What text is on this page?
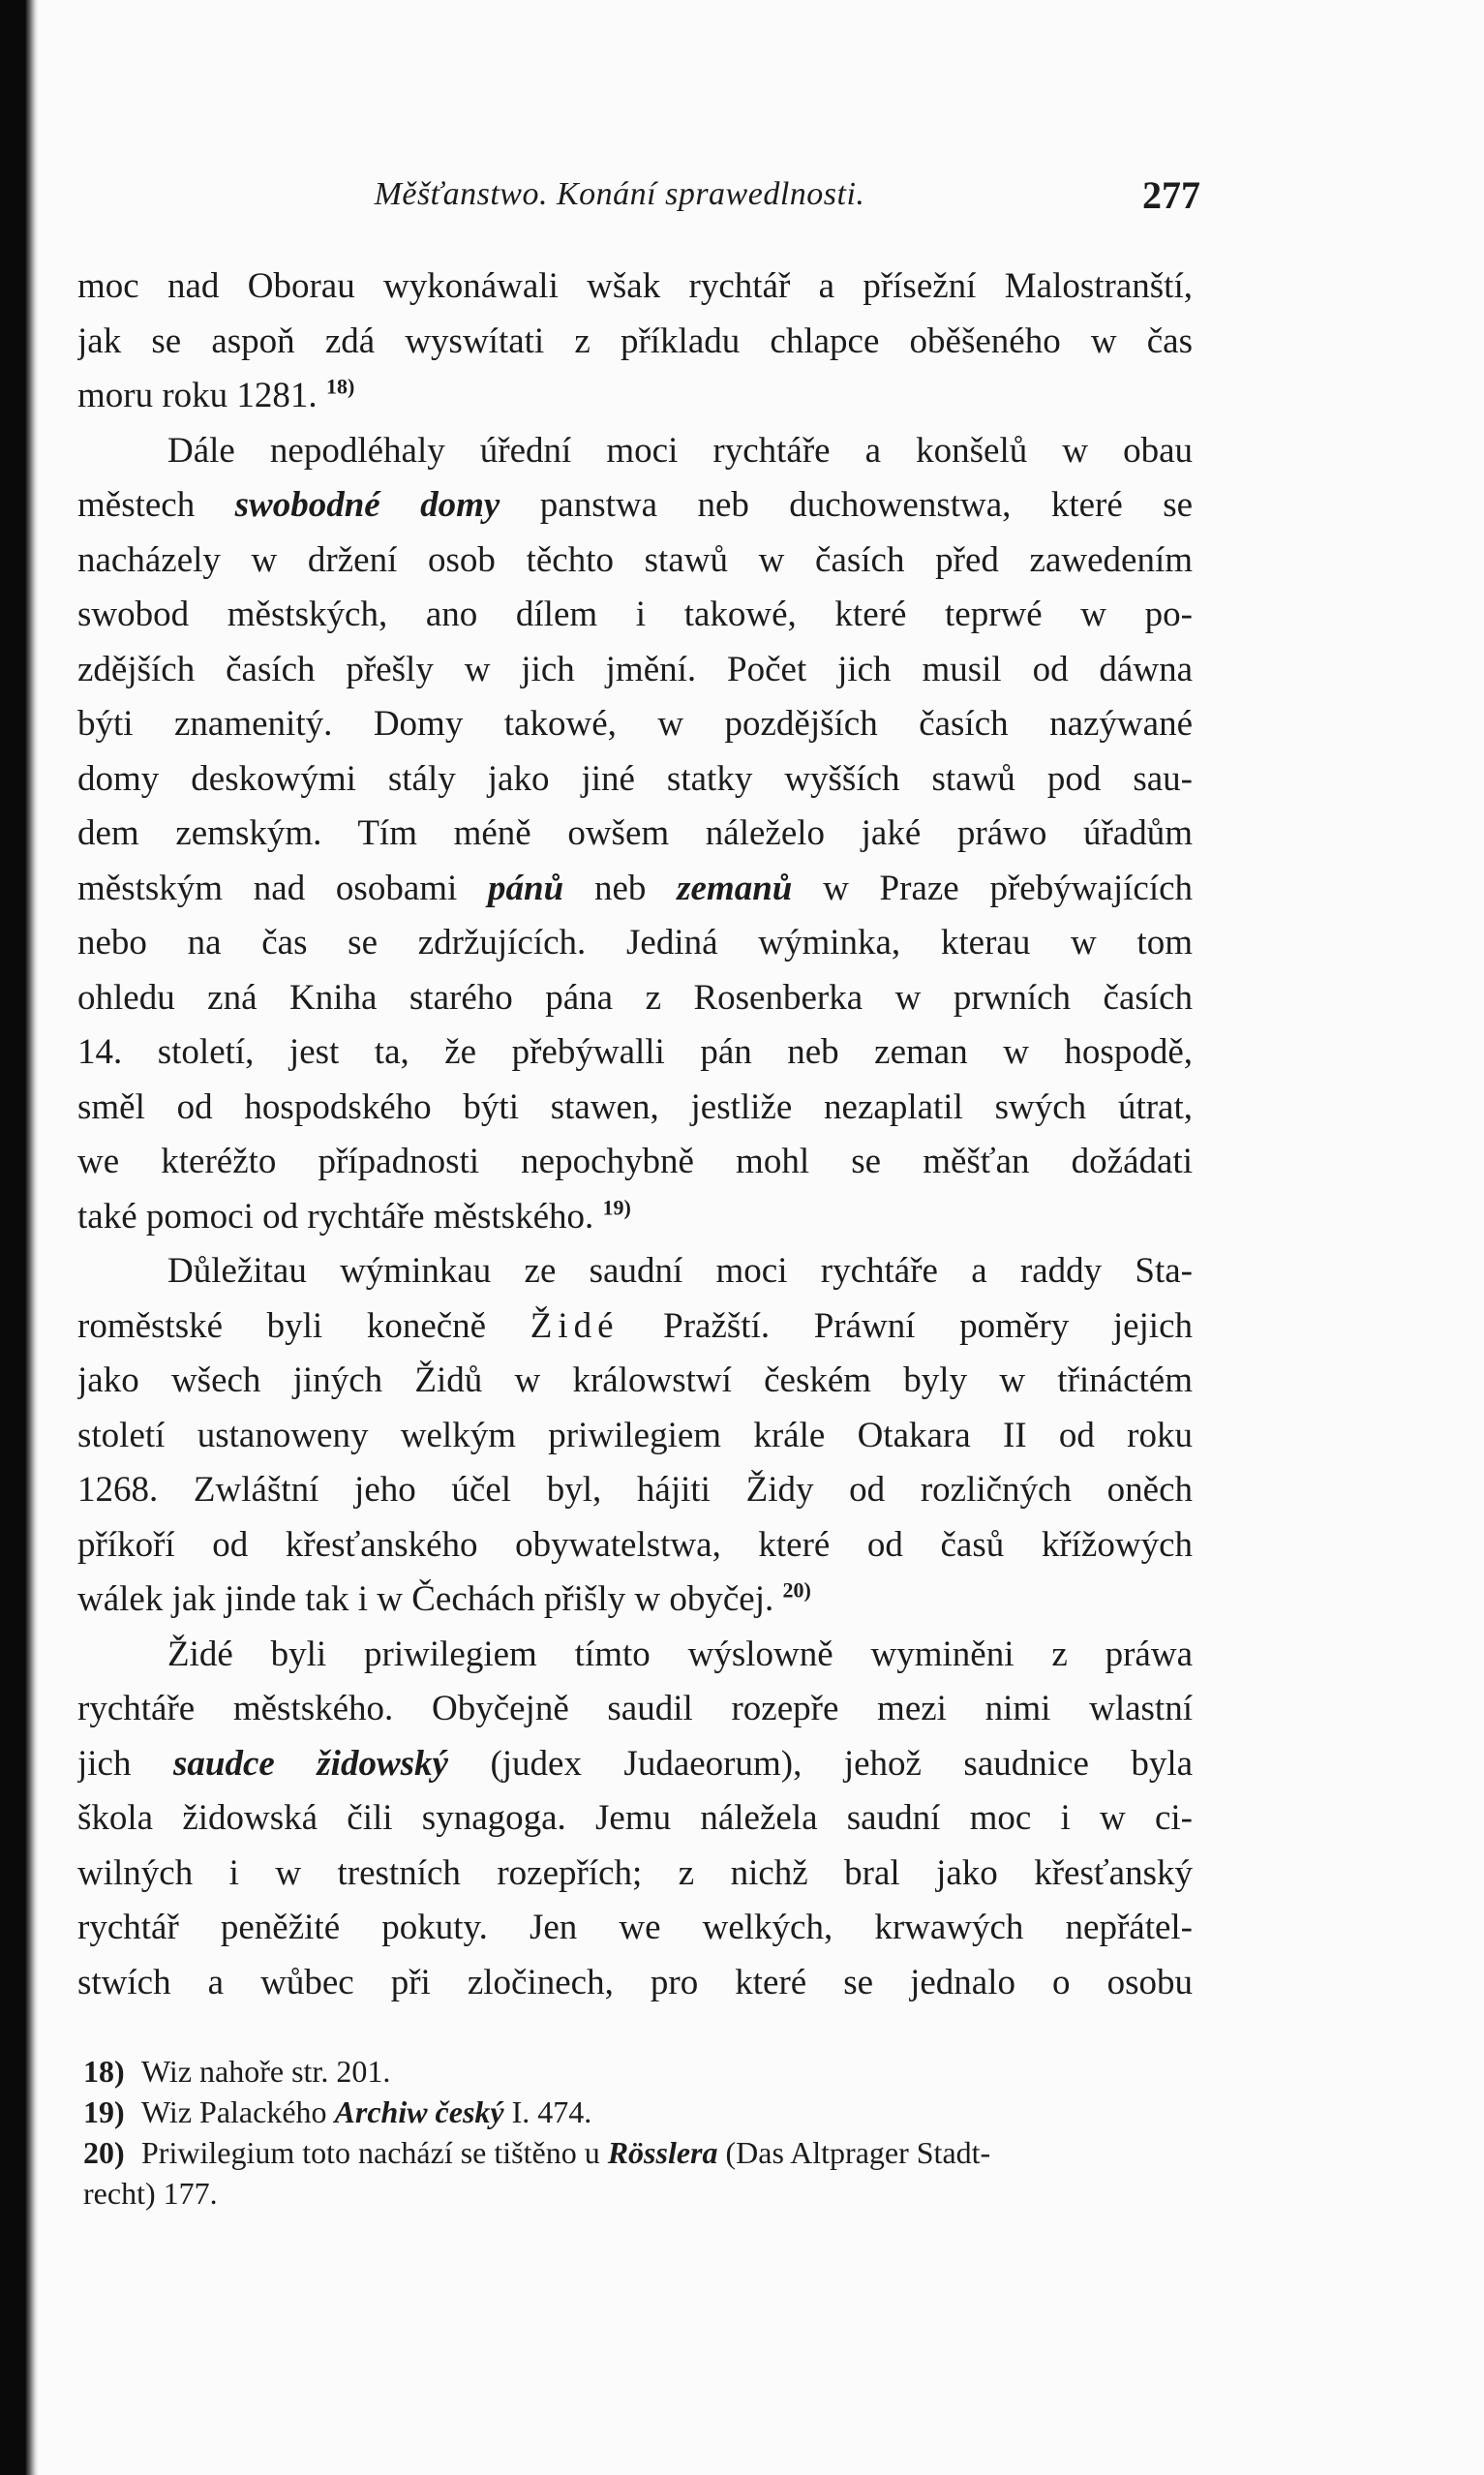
Měšťanstwo. Konání sprawedlnosti.	277
moc nad Oborau wykonáwali wšak rychtář a přísežní Malostranští,
jak se aspoň zdá wyswítati z příkladu chlapce oběšeného w čas
moru roku 1281. $^{18)}$
Dále nepodléhaly úřední moci rychtáře a konšelů w obau
městech swobodné domy panstwa neb duchowenstwa, které se
nacházely w držení osob těchto stawů w časích před zawedením
swobod městských, ano dílem i takowé, které teprwé w po-
zdějších časích přešly w jich jmění. Počet jich musil od dáwna
býti znamenitý. Domy takowé, w pozdějších časích nazýwané
domy deskowými stály jako jiné statky wyšších stawů pod sau-
dem zemským. Tím méně owšem náleželo jaké práwo úřadům
městským nad osobami pánů neb zemanů w Praze přebýwajících
nebo na čas se zdržujících. Jediná wýminka, kterau w tom
ohledu zná Kniha starého pána z Rosenberka w prwních časích
14. století, jest ta, že přebýwalli pán neb zeman w hospodě,
směl od hospodského býti stawen, jestliže nezaplatil swých útrat,
we kteréžto případnosti nepochybně mohl se měšťan dožádati
také pomoci od rychtáře městského. $^{19)}$
Důležitau wýminkau ze saudní moci rychtáře a raddy Sta-
roměstské byli konečně Židé Pražští. Práwní poměry jejich
jako wšech jiných Židů w králowstwí českém byly w třináctém
století ustanoweny welkým priwilegiem krále Otakara II od roku
1268. Zwláštní jeho účel byl, hájiti Židy od rozličných oněch
příkoří od křesťanského obywatelstwa, které od časů křížowých
wálek jak jinde tak i w Čechách přišly w obyčej. $^{20)}$
Židé byli priwilegiem tímto wýslowně wyminěni z práwa
rychtáře městského. Obyčejně saudil rozepře mezi nimi wlastní
jich saudce židowský (judex Judaeorum), jehož saudnice byla
škola židowská čili synagoga. Jemu náležela saudní moc i w ci-
wilných i w trestních rozepřích; z nichž bral jako křesťanský
rychtář peněžité pokuty. Jen we welkých, krwawých nepřátel-
stwích a wůbec při zločinech, pro které se jednalo o osobu
18) Wiz nahoře str. 201.
19) Wiz Palackého Archiw český I. 474.
20) Priwilegium toto nachází se tištěno u Rösslera (Das Altprager Stadt-
recht) 177.
